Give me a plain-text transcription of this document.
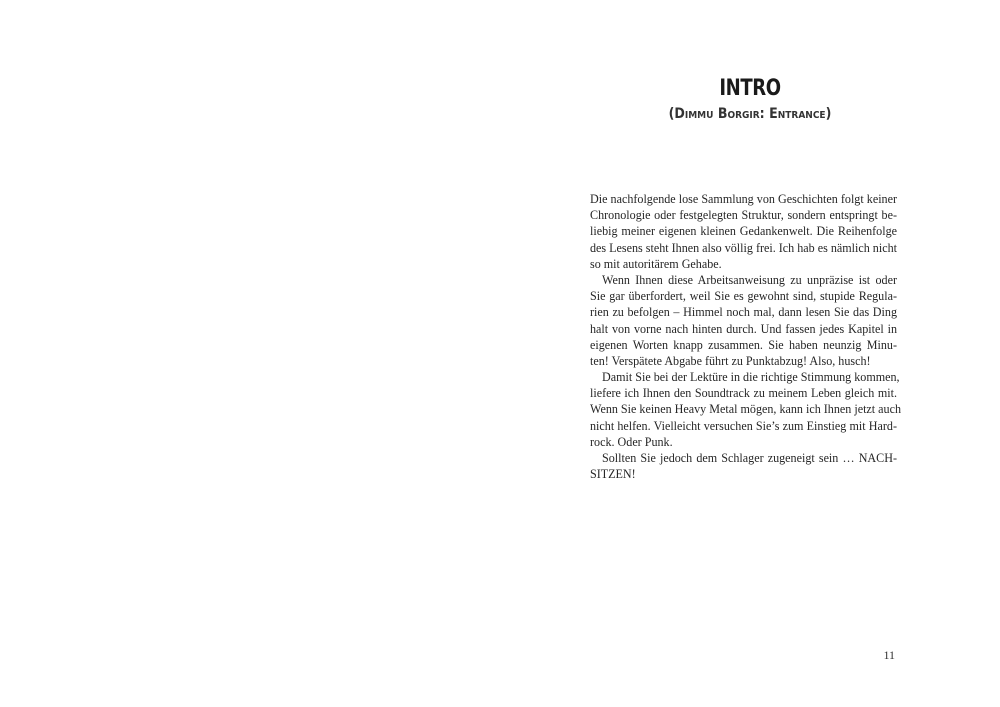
INTRO
(Dimmu Borgir: Entrance)
Die nachfolgende lose Sammlung von Geschichten folgt keiner
Chronologie oder festgelegten Struktur, sondern entspringt be-
liebig meiner eigenen kleinen Gedankenwelt. Die Reihenfolge
des Lesens steht Ihnen also völlig frei. Ich hab es nämlich nicht
so mit autoritärem Gehabe.
Wenn Ihnen diese Arbeitsanweisung zu unpräzise ist oder
Sie gar überfordert, weil Sie es gewohnt sind, stupide Regula-
rien zu befolgen – Himmel noch mal, dann lesen Sie das Ding
halt von vorne nach hinten durch. Und fassen jedes Kapitel in
eigenen Worten knapp zusammen. Sie haben neunzig Minu-
ten! Verspätete Abgabe führt zu Punktabzug! Also, husch!
Damit Sie bei der Lektüre in die richtige Stimmung kommen,
liefere ich Ihnen den Soundtrack zu meinem Leben gleich mit.
Wenn Sie keinen Heavy Metal mögen, kann ich Ihnen jetzt auch
nicht helfen. Vielleicht versuchen Sie’s zum Einstieg mit Hard-
rock. Oder Punk.
Sollten Sie jedoch dem Schlager zugeneigt sein … NACH-
SITZEN!
11
